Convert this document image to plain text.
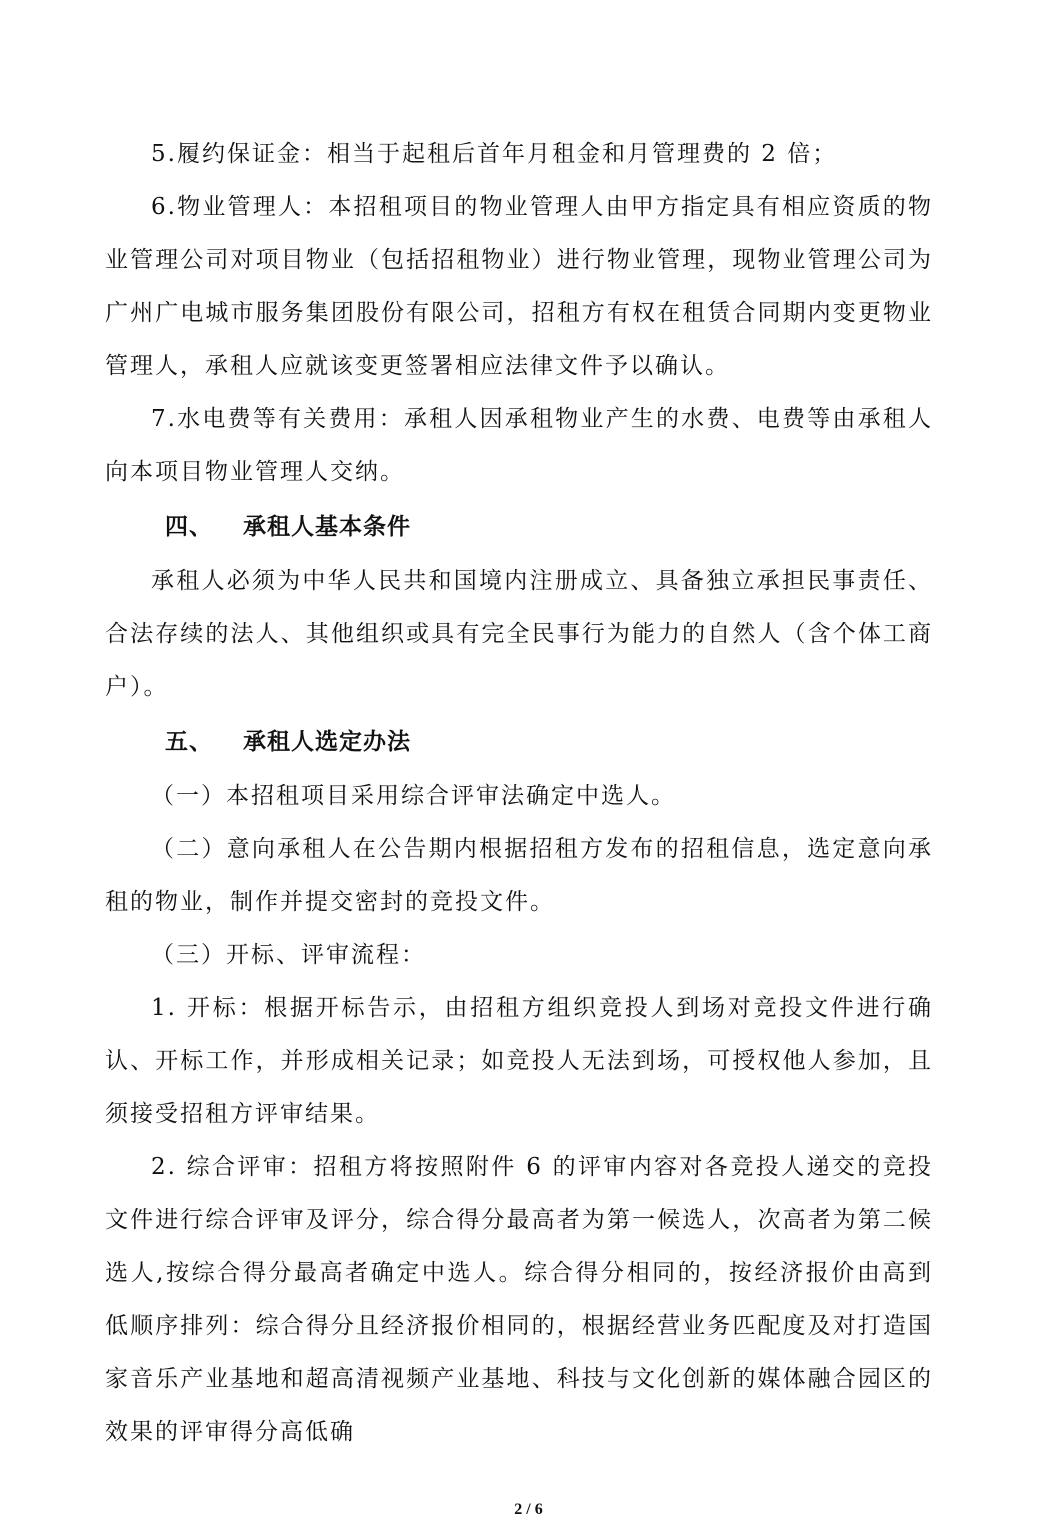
5.履约保证金：相当于起租后首年月租金和月管理费的 2 倍；

6.物业管理人：本招租项目的物业管理人由甲方指定具有相应资质的物业管理公司对项目物业（包括招租物业）进行物业管理，现物业管理公司为广州广电城市服务集团股份有限公司，招租方有权在租赁合同期内变更物业管理人，承租人应就该变更签署相应法律文件予以确认。

7.水电费等有关费用：承租人因承租物业产生的水费、电费等由承租人向本项目物业管理人交纳。

四、 承租人基本条件

承租人必须为中华人民共和国境内注册成立、具备独立承担民事责任、合法存续的法人、其他组织或具有完全民事行为能力的自然人（含个体工商户）。

五、 承租人选定办法

（一）本招租项目采用综合评审法确定中选人。

（二）意向承租人在公告期内根据招租方发布的招租信息，选定意向承租的物业，制作并提交密封的竞投文件。

（三）开标、评审流程：

1. 开标：根据开标告示，由招租方组织竞投人到场对竞投文件进行确认、开标工作，并形成相关记录；如竞投人无法到场，可授权他人参加，且须接受招租方评审结果。

2. 综合评审：招租方将按照附件 6 的评审内容对各竞投人递交的竞投文件进行综合评审及评分，综合得分最高者为第一候选人，次高者为第二候选人,按综合得分最高者确定中选人。综合得分相同的，按经济报价由高到低顺序排列：综合得分且经济报价相同的，根据经营业务匹配度及对打造国家音乐产业基地和超高清视频产业基地、科技与文化创新的媒体融合园区的效果的评审得分高低确

2 / 6
